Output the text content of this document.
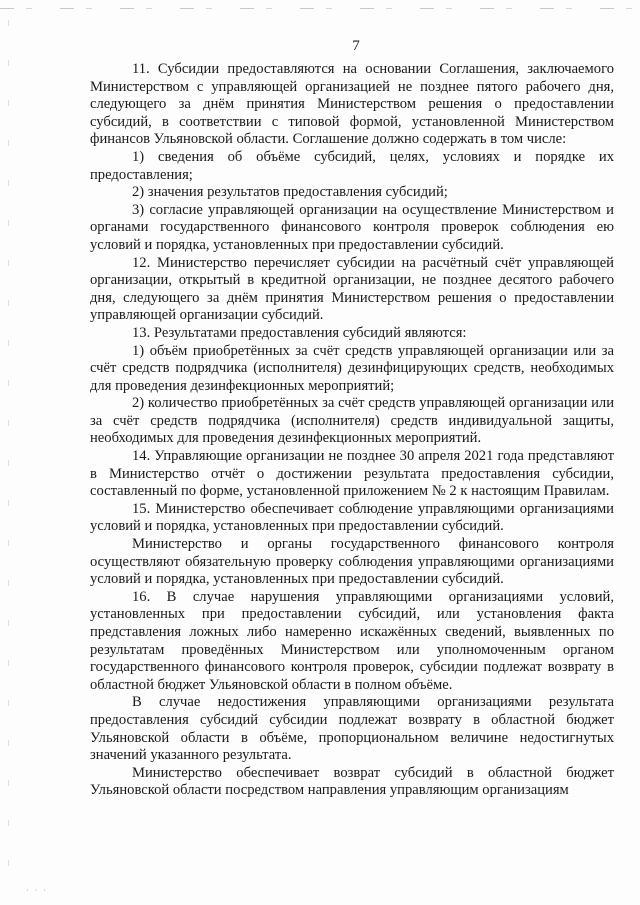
7

11. Субсидии предоставляются на основании Соглашения, заключаемого Министерством с управляющей организацией не позднее пятого рабочего дня, следующего за днём принятия Министерством решения о предоставлении субсидий, в соответствии с типовой формой, установленной Министерством финансов Ульяновской области. Соглашение должно содержать в том числе:

1) сведения об объёме субсидий, целях, условиях и порядке их предоставления;

2) значения результатов предоставления субсидий;

3) согласие управляющей организации на осуществление Министерством и органами государственного финансового контроля проверок соблюдения ею условий и порядка, установленных при предоставлении субсидий.

12. Министерство перечисляет субсидии на расчётный счёт управляющей организации, открытый в кредитной организации, не позднее десятого рабочего дня, следующего за днём принятия Министерством решения о предоставлении управляющей организации субсидий.

13. Результатами предоставления субсидий являются:

1) объём приобретённых за счёт средств управляющей организации или за счёт средств подрядчика (исполнителя) дезинфицирующих средств, необходимых для проведения дезинфекционных мероприятий;

2) количество приобретённых за счёт средств управляющей организации или за счёт средств подрядчика (исполнителя) средств индивидуальной защиты, необходимых для проведения дезинфекционных мероприятий.

14. Управляющие организации не позднее 30 апреля 2021 года представляют в Министерство отчёт о достижении результата предоставления субсидии, составленный по форме, установленной приложением № 2 к настоящим Правилам.

15. Министерство обеспечивает соблюдение управляющими организациями условий и порядка, установленных при предоставлении субсидий.

Министерство и органы государственного финансового контроля осуществляют обязательную проверку соблюдения управляющими организациями условий и порядка, установленных при предоставлении субсидий.

16. В случае нарушения управляющими организациями условий, установленных при предоставлении субсидий, или установления факта представления ложных либо намеренно искажённых сведений, выявленных по результатам проведённых Министерством или уполномоченным органом государственного финансового контроля проверок, субсидии подлежат возврату в областной бюджет Ульяновской области в полном объёме.

В случае недостижения управляющими организациями результата предоставления субсидий субсидии подлежат возврату в областной бюджет Ульяновской области в объёме, пропорциональном величине недостигнутых значений указанного результата.

Министерство обеспечивает возврат субсидий в областной бюджет Ульяновской области посредством направления управляющим организациям

· · ·
